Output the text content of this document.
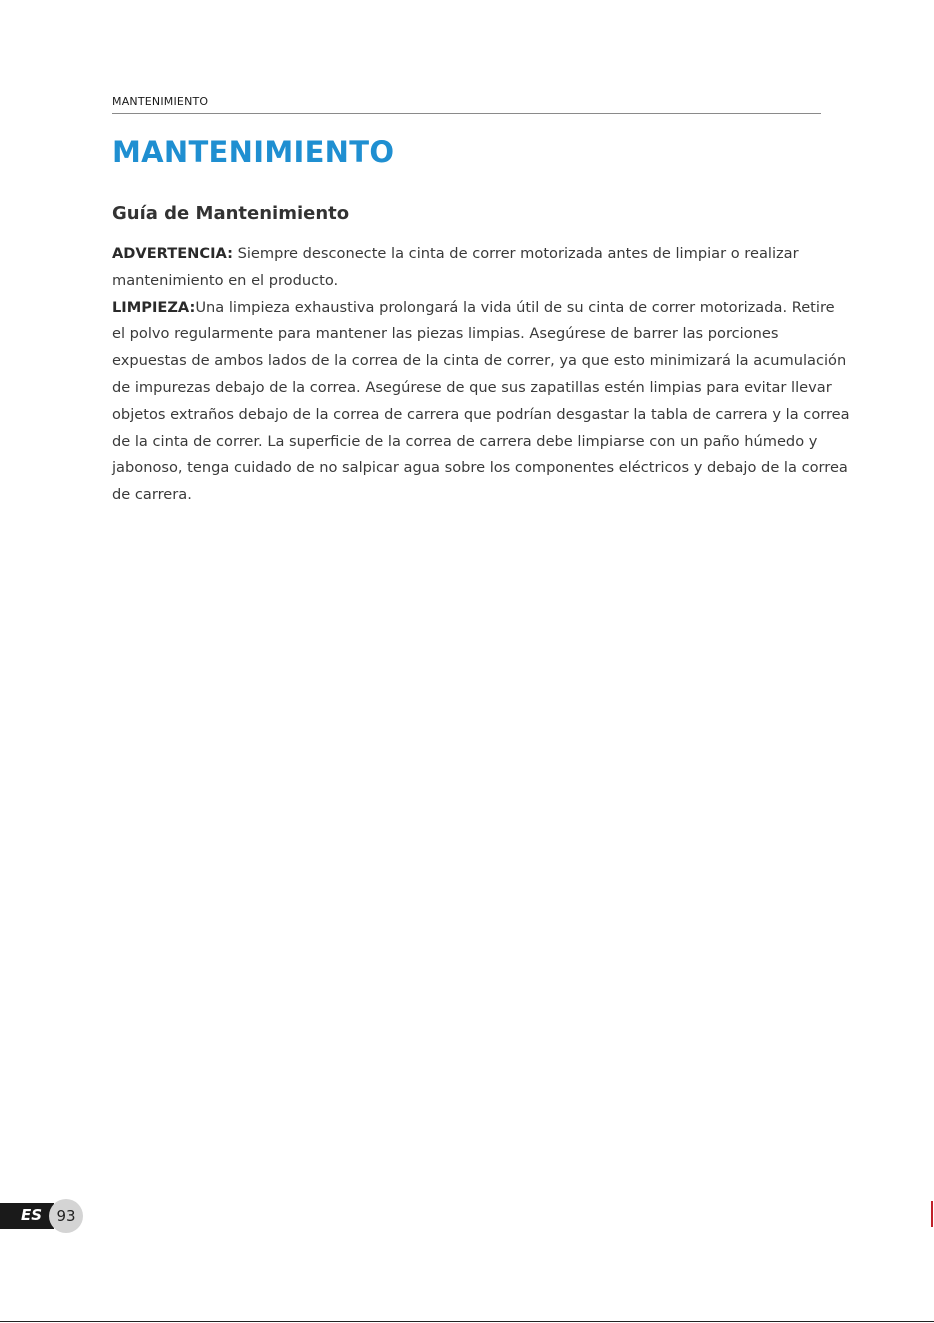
MANTENIMIENTO
MANTENIMIENTO
Guía de Mantenimiento

ADVERTENCIA: Siempre desconecte la cinta de correr motorizada antes de limpiar o realizar mantenimiento en el producto.

LIMPIEZA:Una limpieza exhaustiva prolongará la vida útil de su cinta de correr motorizada. Retire el polvo regularmente para mantener las piezas limpias. Asegúrese de barrer las porciones expuestas de ambos lados de la correa de la cinta de correr, ya que esto minimizará la acumulación de impurezas debajo de la correa. Asegúrese de que sus zapatillas estén limpias para evitar llevar objetos extraños debajo de la correa de carrera que podrían desgastar la tabla de carrera y la correa de la cinta de correr. La superficie de la correa de carrera debe limpiarse con un paño húmedo y jabonoso, tenga cuidado de no salpicar agua sobre los componentes eléctricos y debajo de la correa de carrera.

ES 93
